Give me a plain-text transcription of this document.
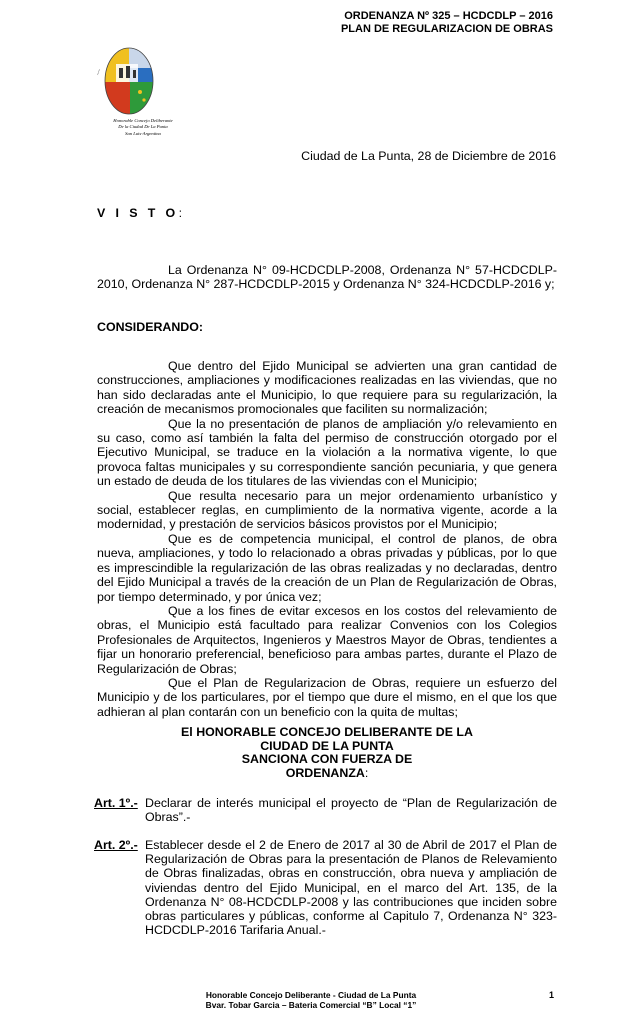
ORDENANZA Nº 325 – HCDCDLP – 2016
PLAN DE REGULARIZACION DE OBRAS
~~
Honorable Concejo Deliberante
De la Ciudad De La Punta
San Luis-Argentina
Ciudad de La Punta, 28 de Diciembre de 2016
V I S T O:

La Ordenanza N° 09-HCDCDLP-2008, Ordenanza N° 57-HCDCDLP-2010, Ordenanza N° 287-HCDCDLP-2015 y Ordenanza N° 324-HCDCDLP-2016 y;

CONSIDERANDO:

Que dentro del Ejido Municipal se advierten una gran cantidad de construcciones, ampliaciones y modificaciones realizadas en las viviendas, que no han sido declaradas ante el Municipio, lo que requiere para su regularización, la creación de mecanismos promocionales que faciliten su normalización;

Que la no presentación de planos de ampliación y/o relevamiento en su caso, como así también la falta del permiso de construcción otorgado por el Ejecutivo Municipal, se traduce en la violación a la normativa vigente, lo que provoca faltas municipales y su correspondiente sanción pecuniaria, y que genera un estado de deuda de los titulares de las viviendas con el Municipio;

Que resulta necesario para un mejor ordenamiento urbanístico y social, establecer reglas, en cumplimiento de la normativa vigente, acorde a la modernidad, y prestación de servicios básicos provistos por el Municipio;

Que es de competencia municipal, el control de planos, de obra nueva, ampliaciones, y todo lo relacionado a obras privadas y públicas, por lo que es imprescindible la regularización de las obras realizadas y no declaradas, dentro del Ejido Municipal a través de la creación de un Plan de Regularización de Obras, por tiempo determinado, y por única vez;

Que a los fines de evitar excesos en los costos del relevamiento de obras, el Municipio está facultado para realizar Convenios con los Colegios Profesionales de Arquitectos, Ingenieros y Maestros Mayor de Obras, tendientes a fijar un honorario preferencial, beneficioso para ambas partes, durante el Plazo de Regularización de Obras;

Que el Plan de Regularizacion de Obras, requiere un esfuerzo del Municipio y de los particulares, por el tiempo que dure el mismo, en el que los que adhieran al plan contarán con un beneficio con la quita de multas;

El HONORABLE CONCEJO DELIBERANTE DE LA
CIUDAD DE LA PUNTA
SANCIONA CON FUERZA DE
ORDENANZA:
Art. 1º.- Declarar de interés municipal el proyecto de “Plan de Regularización de Obras”.-
Art. 2º.- Establecer desde el 2 de Enero de 2017 al 30 de Abril de 2017 el Plan de Regularización de Obras para la presentación de Planos de Relevamiento de Obras finalizadas, obras en construcción, obra nueva y ampliación de viviendas dentro del Ejido Municipal, en el marco del Art. 135, de la Ordenanza N° 08-HCDCDLP-2008 y las contribuciones que inciden sobre obras particulares y públicas, conforme al Capitulo 7, Ordenanza N° 323-HCDCDLP-2016 Tarifaria Anual.-
Honorable Concejo Deliberante - Ciudad de La Punta
Bvar. Tobar Garcia – Bateria Comercial “B” Local “1”
1
